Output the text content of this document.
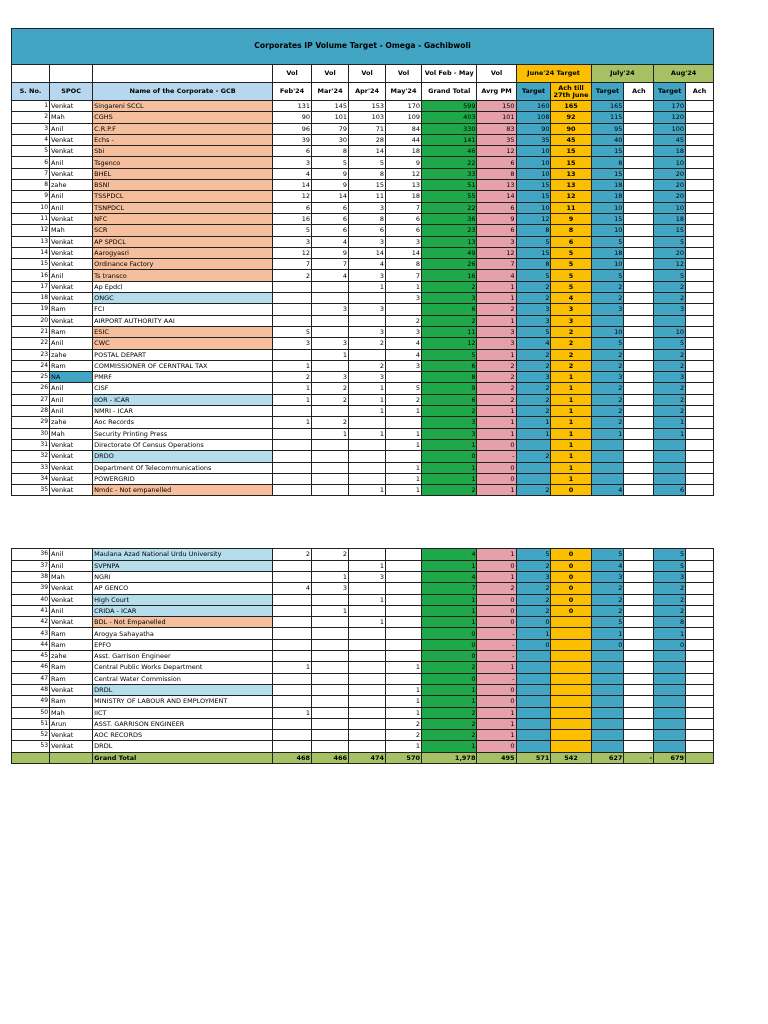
Corporates IP Volume Target - Omega - Gachibwoli														
			Vol	Vol	Vol	Vol	Vol Feb - May	Vol	June'24 Target		July'24		Aug'24	
S. No.	SPOC	Name of the Corporate - GCB	Feb'24	Mar'24	Apr'24	May'24	Grand Total	Avrg PM	Target	Ach till 27th June	Target	Ach	Target	Ach
1	Venkat	Singareni SCCL	131	145	153	170	599	150	160	165	165		170	
2	Mah	CGHS	90	101	103	109	403	101	108	92	115		120	
3	Anil	C.R.P.F	96	79	71	84	330	83	90	90	95		100	
4	Venkat	Echs -	39	30	28	44	141	35	35	45	40		45	
5	Venkat	Sbi	6	8	14	18	46	12	10	15	15		18	
6	Anil	Tsgenco	3	5	5	9	22	6	10	15	8		10	
7	Venkat	BHEL	4	9	8	12	33	8	10	13	15		20	
8	zahe	BSNl	14	9	15	13	51	13	15	13	18		20	
9	Anil	TSSPDCL	12	14	11	18	55	14	15	12	18		20	
10	Anil	TSNPDCL	6	6	3	7	22	6	10	11	10		10	
11	Venkat	NFC	16	6	8	6	36	9	12	9	15		18	
12	Mah	SCR	5	6	6	6	23	6	8	8	10		15	
13	Venkat	AP SPDCL	3	4	3	3	13	3	5	6	5		5	
14	Venkat	Aarogyasri	12	9	14	14	49	12	15	5	18		20	
15	Venkat	Ordinance Factory	7	7	4	8	26	7	8	5	10		12	
16	Anil	Ts transco	2	4	3	7	16	4	5	5	5		5	
17	Venkat	Ap Epdcl			1	1	2	1	2	5	2		2	
18	Venkat	ONGC				3	3	1	2	4	2		2	
19	Ram	FCI		3	3		6	2	3	3	3		3	
20	Venkat	AIRPORT AUTHORITY AAI				2	2	1	3	3				
21	Ram	ESIC	5		3	3	11	3	5	2	10		10	
22	Anil	CWC	3	3	2	4	12	3	4	2	5		5	
23	zahe	POSTAL DEPART		1		4	5	1	2	2	2		2	
24	Ram	COMMISSIONER OF CERNTRAL TAX	1		2	3	6	2	2	2	2		2	
25	NA	PMRF	2	3	3		8	2	3	1	3		3	
26	Anil	CISF	1	2	1	5	9	2	2	1	2		2	
27	Anil	IIOR - ICAR	1	2	1	2	6	2	2	1	2		2	
28	Anil	NMRI - ICAR			1	1	2	1	2	1	2		2	
29	zahe	Aoc Records	1	2			3	1	1	1	2		1	
30	Mah	Security Printing Press		1	1	1	3	1	1	1	1		1	
31	Venkat	Directorate Of Census Operations				1	1	0		1				
32	Venkat	DRDO					0	-	2	1				
33	Venkat	Department Of Telecommunications				1	1	0		1				
34	Venkat	POWERGRID				1	1	0		1				
35	Venkat	Nmdc - Not empanelled			1	1	2	1	2	0	4		6	

36	Anil	Maulana Azad National Urdu University	2	2			4	1	5	0	5		5	
37	Anil	SVPNPA			1		1	0	2	0	4		5	
38	Mah	NGRI		1	3		4	1	3	0	3		3	
39	Venkat	AP GENCO	4	3			7	2	2	0	2		2	
40	Venkat	High Court			1		1	0	2	0	2		2	
41	Anil	CRIDA - ICAR		1			1	0	2	0	2		2	
42	Venkat	BDL - Not Empanelled			1		1	0	0		5		8	
43	Ram	Arogya Sahayatha					0	-	1		1		1	
44	Ram	EPFO					0	-	0		0		0	
45	zahe	Asst. Garrison Engineer					0	-						
46	Ram	Central Public Works Department	1			1	2	1						
47	Ram	Central Water Commission					0	-						
48	Venkat	DRDL				1	1	0						
49	Ram	MINISTRY OF LABOUR AND EMPLOYMENT				1	1	0						
50	Mah	IICT	1			1	2	1						
51	Arun	ASST. GARRISON ENGINEER				2	2	1						
52	Venkat	AOC RECORDS				2	2	1						
53	Venkat	DRDL				1	1	0						
		Grand Total	468	466	474	570	1,978	495	571	542	627	-	679	
